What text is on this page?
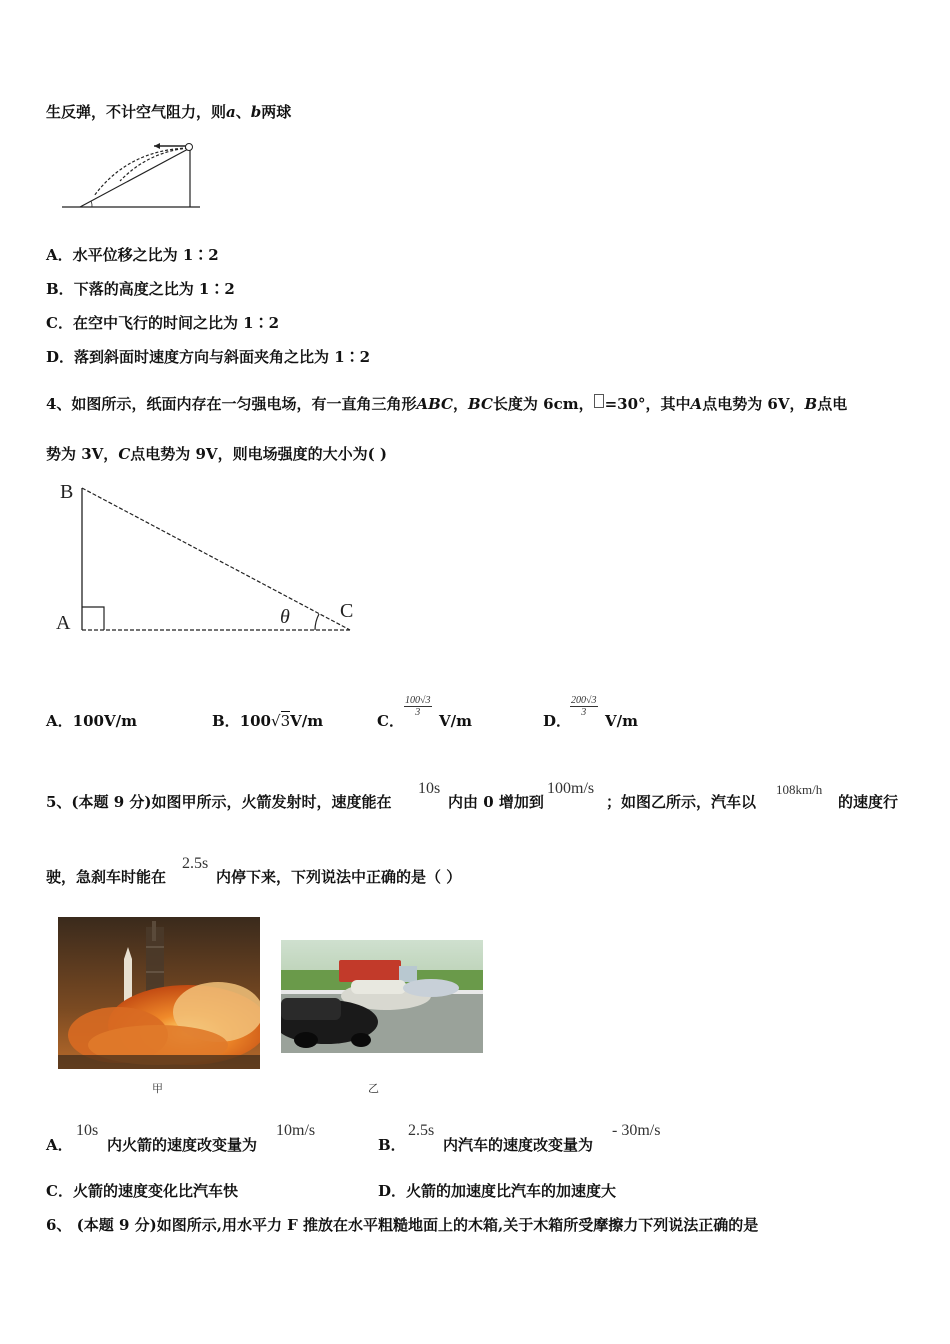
生反弹，不计空气阻力，则a、b两球
A．水平位移之比为 1∶2
B．下落的高度之比为 1∶2
C．在空中飞行的时间之比为 1∶2
D．落到斜面时速度方向与斜面夹角之比为 1∶2
4、如图所示，纸面内存在一匀强电场，有一直角三角形ABC，BC长度为 6cm， =30°，其中A点电势为 6V，B点电
势为 3V，C点电势为 9V，则电场强度的大小为( )
B
A
C
θ
A．100V/m	B．100√3V/m	C．
$\frac{100√3}{3}$
V/m	D．
$\frac{200√3}{3}$
V/m
5、(本题 9 分)如图甲所示，火箭发射时，速度能在
10s
内由 0 增加到
100m/s
；如图乙所示，汽车以
108km/h
的速度行
驶，急刹车时能在
2.5s
内停下来，下列说法中正确的是（ ）
甲	乙
A．
10s
内火箭的速度改变量为
10m/s
B．
2.5s
内汽车的速度改变量为
- 30m/s
C．火箭的速度变化比汽车快	D．火箭的加速度比汽车的加速度大
6、 (本题 9 分)如图所示,用水平力 F 推放在水平粗糙地面上的木箱,关于木箱所受摩擦力下列说法正确的是
